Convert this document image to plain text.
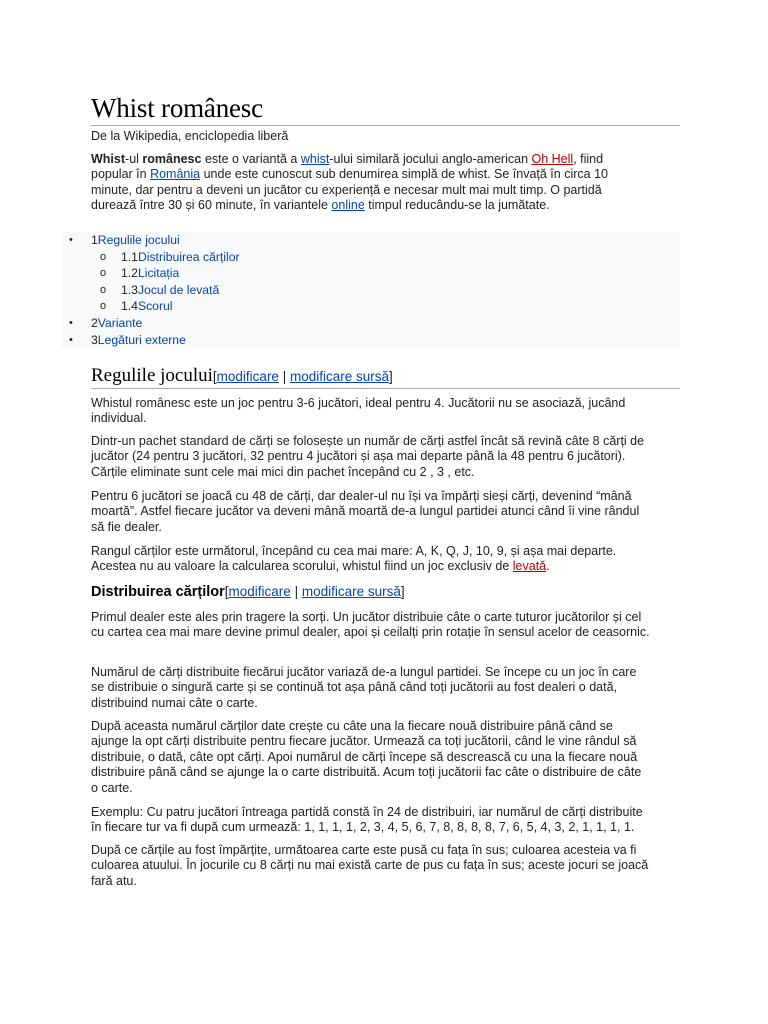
Whist românesc
De la Wikipedia, enciclopedia liberă

Whist-ul românesc este o variantă a whist-ului similară jocului anglo-american Oh Hell, fiind popular în România unde este cunoscut sub denumirea simplă de whist. Se învață în circa 10 minute, dar pentru a deveni un jucător cu experiență e necesar mult mai mult timp. O partidă durează între 30 și 60 minute, în variantele online timpul reducându-se la jumătate.

• 1Regulile jocului
o 1.1Distribuirea cărților
o 1.2Licitația
o 1.3Jocul de levată
o 1.4Scorul
• 2Variante
• 3Legături externe
Regulile jocului[modificare | modificare sursă]

Whistul românesc este un joc pentru 3-6 jucători, ideal pentru 4. Jucătorii nu se asociază, jucând individual.

Dintr-un pachet standard de cărți se folosește un număr de cărți astfel încât să revină câte 8 cărți de jucător (24 pentru 3 jucători, 32 pentru 4 jucători și așa mai departe până la 48 pentru 6 jucători). Cărțile eliminate sunt cele mai mici din pachet începând cu 2 , 3 , etc.

Pentru 6 jucători se joacă cu 48 de cărți, dar dealer-ul nu își va împărți sieși cărți, devenind “mână moartă”. Astfel fiecare jucător va deveni mână moartă de-a lungul partidei atunci când îi vine rândul să fie dealer.

Rangul cărților este următorul, începând cu cea mai mare: A, K, Q, J, 10, 9, și așa mai departe. Acestea nu au valoare la calcularea scorului, whistul fiind un joc exclusiv de levată.

Distribuirea cărților[modificare | modificare sursă]

Primul dealer este ales prin tragere la sorți. Un jucător distribuie câte o carte tuturor jucătorilor și cel cu cartea cea mai mare devine primul dealer, apoi și ceilalți prin rotație în sensul acelor de ceasornic.

Numărul de cărți distribuite fiecărui jucător variază de-a lungul partidei. Se începe cu un joc în care se distribuie o singură carte și se continuă tot așa până când toți jucătorii au fost dealeri o dată, distribuind numai câte o carte.

După aceasta numărul cărților date crește cu câte una la fiecare nouă distribuire până când se ajunge la opt cărți distribuite pentru fiecare jucător. Urmează ca toți jucătorii, când le vine rândul să distribuie, o dată, câte opt cărți. Apoi numărul de cărți începe să descrească cu una la fiecare nouă distribuire până când se ajunge la o carte distribuită. Acum toți jucătorii fac câte o distribuire de câte o carte.

Exemplu: Cu patru jucători întreaga partidă constă în 24 de distribuiri, iar numărul de cărți distribuite în fiecare tur va fi după cum urmează: 1, 1, 1, 1, 2, 3, 4, 5, 6, 7, 8, 8, 8, 8, 7, 6, 5, 4, 3, 2, 1, 1, 1, 1.

După ce cărțile au fost împărțite, următoarea carte este pusă cu fața în sus; culoarea acesteia va fi culoarea atuului. În jocurile cu 8 cărți nu mai există carte de pus cu fața în sus; aceste jocuri se joacă fară atu.
